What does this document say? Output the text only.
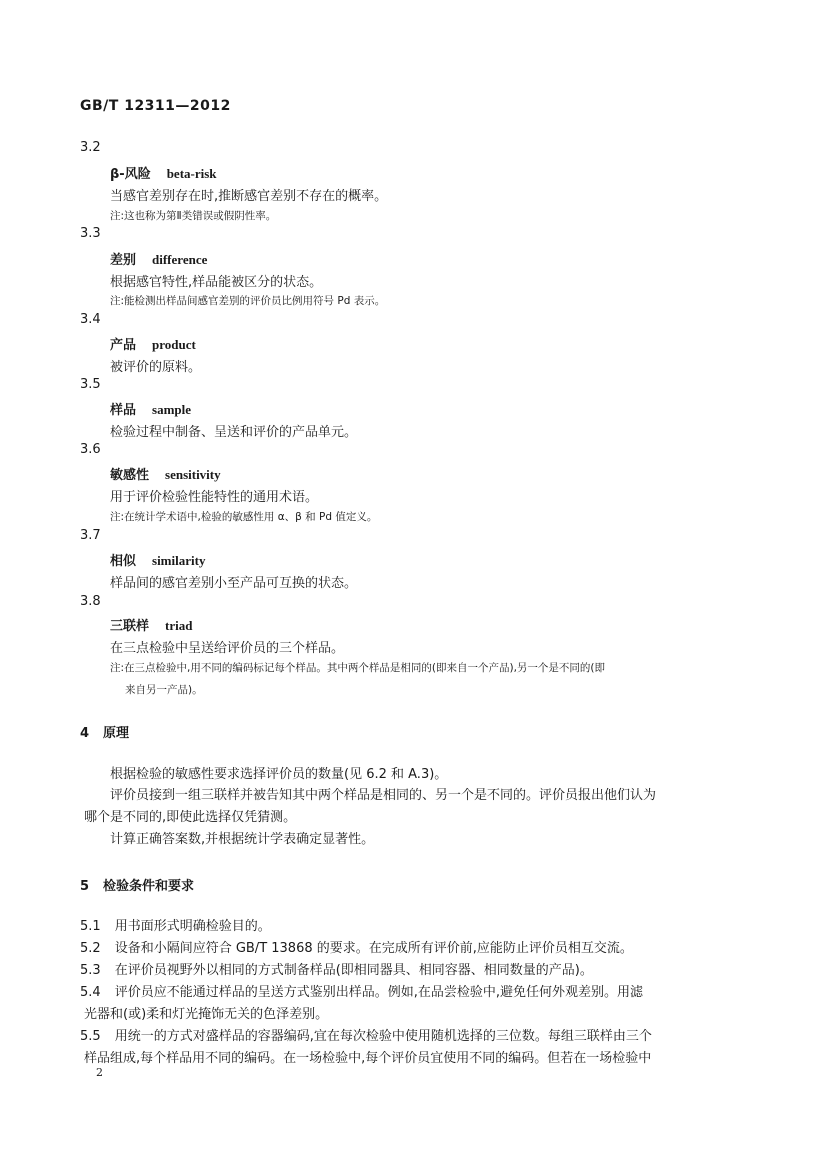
GB/T 12311—2012
3.2
β-风险 beta-risk
当感官差别存在时,推断感官差别不存在的概率。
注:这也称为第Ⅱ类错误或假阴性率。
3.3
差别 difference
根据感官特性,样品能被区分的状态。
注:能检测出样品间感官差别的评价员比例用符号 Pd 表示。
3.4
产品 product
被评价的原料。
3.5
样品 sample
检验过程中制备、呈送和评价的产品单元。
3.6
敏感性 sensitivity
用于评价检验性能特性的通用术语。
注:在统计学术语中,检验的敏感性用 α、β 和 Pd 值定义。
3.7
相似 similarity
样品间的感官差别小至产品可互换的状态。
3.8
三联样 triad
在三点检验中呈送给评价员的三个样品。
注:在三点检验中,用不同的编码标记每个样品。其中两个样品是相同的(即来自一个产品),另一个是不同的(即
来自另一产品)。
4 原理
根据检验的敏感性要求选择评价员的数量(见 6.2 和 A.3)。
评价员接到一组三联样并被告知其中两个样品是相同的、另一个是不同的。评价员报出他们认为
哪个是不同的,即使此选择仅凭猜测。
计算正确答案数,并根据统计学表确定显著性。
5 检验条件和要求
5.1 用书面形式明确检验目的。
5.2 设备和小隔间应符合 GB/T 13868 的要求。在完成所有评价前,应能防止评价员相互交流。
5.3 在评价员视野外以相同的方式制备样品(即相同器具、相同容器、相同数量的产品)。
5.4 评价员应不能通过样品的呈送方式鉴别出样品。例如,在品尝检验中,避免任何外观差别。用滤
光器和(或)柔和灯光掩饰无关的色泽差别。
5.5 用统一的方式对盛样品的容器编码,宜在每次检验中使用随机选择的三位数。每组三联样由三个
样品组成,每个样品用不同的编码。在一场检验中,每个评价员宜使用不同的编码。但若在一场检验中
2
